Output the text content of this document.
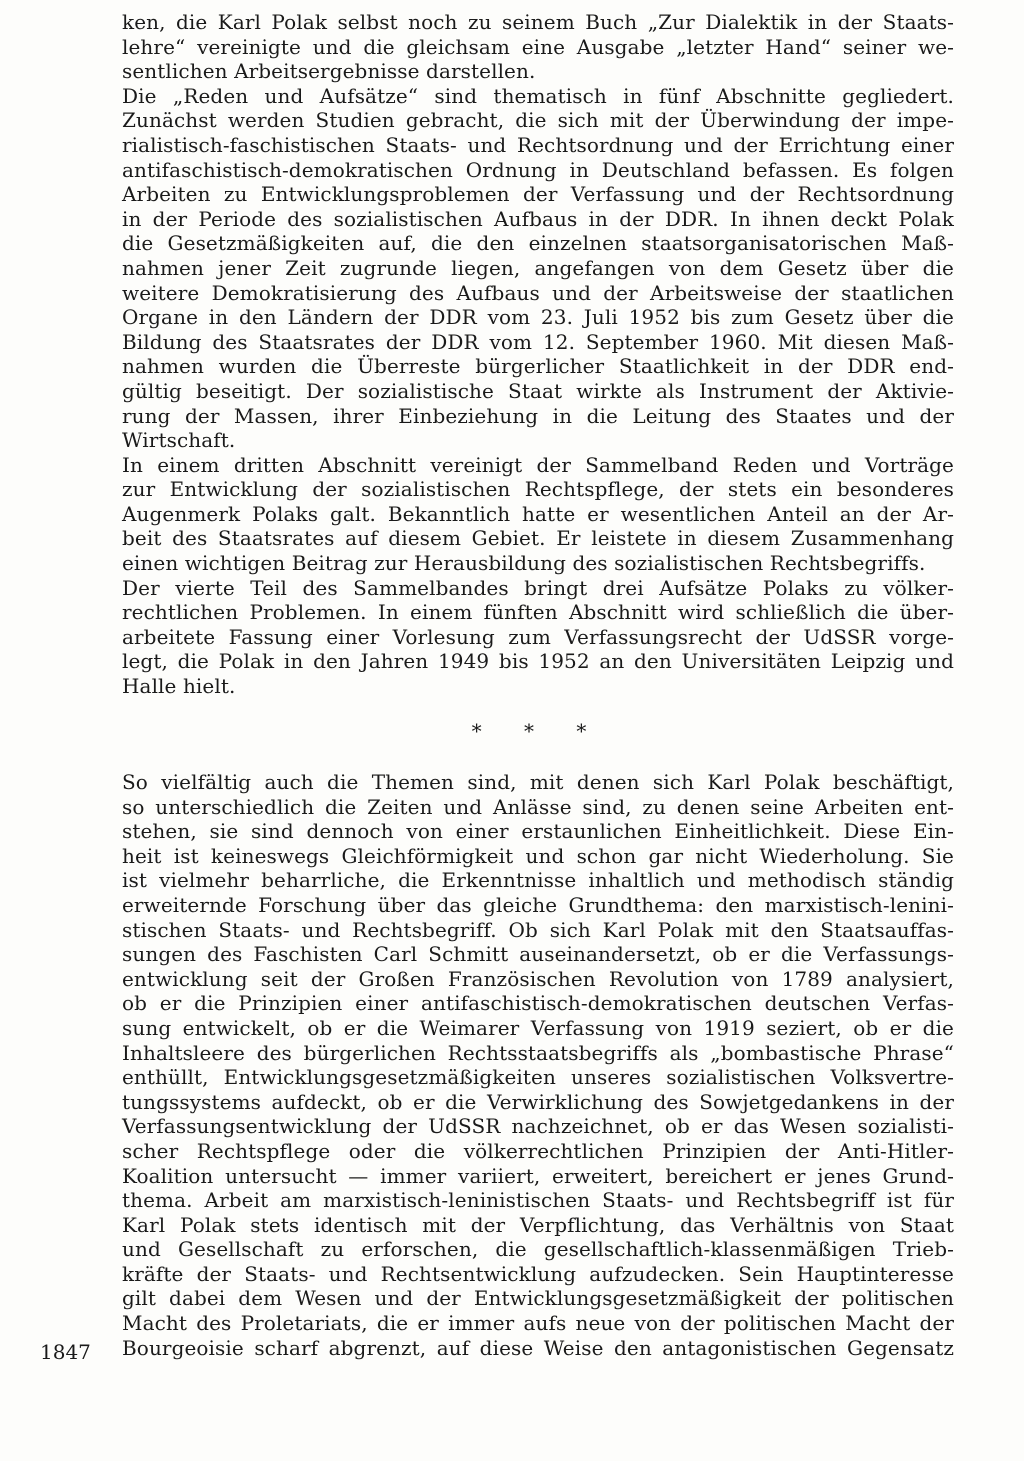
ken, die Karl Polak selbst noch zu seinem Buch „Zur Dialektik in der Staats-
lehre“ vereinigte und die gleichsam eine Ausgabe „letzter Hand“ seiner we-
sentlichen Arbeitsergebnisse darstellen.
Die „Reden und Aufsätze“ sind thematisch in fünf Abschnitte gegliedert.
Zunächst werden Studien gebracht, die sich mit der Überwindung der impe-
rialistisch-faschistischen Staats- und Rechtsordnung und der Errichtung einer
antifaschistisch-demokratischen Ordnung in Deutschland befassen. Es folgen
Arbeiten zu Entwicklungsproblemen der Verfassung und der Rechtsordnung
in der Periode des sozialistischen Aufbaus in der DDR. In ihnen deckt Polak
die Gesetzmäßigkeiten auf, die den einzelnen staatsorganisatorischen Maß-
nahmen jener Zeit zugrunde liegen, angefangen von dem Gesetz über die
weitere Demokratisierung des Aufbaus und der Arbeitsweise der staatlichen
Organe in den Ländern der DDR vom 23. Juli 1952 bis zum Gesetz über die
Bildung des Staatsrates der DDR vom 12. September 1960. Mit diesen Maß-
nahmen wurden die Überreste bürgerlicher Staatlichkeit in der DDR end-
gültig beseitigt. Der sozialistische Staat wirkte als Instrument der Aktivie-
rung der Massen, ihrer Einbeziehung in die Leitung des Staates und der
Wirtschaft.
In einem dritten Abschnitt vereinigt der Sammelband Reden und Vorträge
zur Entwicklung der sozialistischen Rechtspflege, der stets ein besonderes
Augenmerk Polaks galt. Bekanntlich hatte er wesentlichen Anteil an der Ar-
beit des Staatsrates auf diesem Gebiet. Er leistete in diesem Zusammenhang
einen wichtigen Beitrag zur Herausbildung des sozialistischen Rechtsbegriffs.
Der vierte Teil des Sammelbandes bringt drei Aufsätze Polaks zu völker-
rechtlichen Problemen. In einem fünften Abschnitt wird schließlich die über-
arbeitete Fassung einer Vorlesung zum Verfassungsrecht der UdSSR vorge-
legt, die Polak in den Jahren 1949 bis 1952 an den Universitäten Leipzig und
Halle hielt.
* * *
So vielfältig auch die Themen sind, mit denen sich Karl Polak beschäftigt,
so unterschiedlich die Zeiten und Anlässe sind, zu denen seine Arbeiten ent-
stehen, sie sind dennoch von einer erstaunlichen Einheitlichkeit. Diese Ein-
heit ist keineswegs Gleichförmigkeit und schon gar nicht Wiederholung. Sie
ist vielmehr beharrliche, die Erkenntnisse inhaltlich und methodisch ständig
erweiternde Forschung über das gleiche Grundthema: den marxistisch-lenini-
stischen Staats- und Rechtsbegriff. Ob sich Karl Polak mit den Staatsauffas-
sungen des Faschisten Carl Schmitt auseinandersetzt, ob er die Verfassungs-
entwicklung seit der Großen Französischen Revolution von 1789 analysiert,
ob er die Prinzipien einer antifaschistisch-demokratischen deutschen Verfas-
sung entwickelt, ob er die Weimarer Verfassung von 1919 seziert, ob er die
Inhaltsleere des bürgerlichen Rechtsstaatsbegriffs als „bombastische Phrase“
enthüllt, Entwicklungsgesetzmäßigkeiten unseres sozialistischen Volksvertre-
tungssystems aufdeckt, ob er die Verwirklichung des Sowjetgedankens in der
Verfassungsentwicklung der UdSSR nachzeichnet, ob er das Wesen sozialisti-
scher Rechtspflege oder die völkerrechtlichen Prinzipien der Anti-Hitler-
Koalition untersucht — immer variiert, erweitert, bereichert er jenes Grund-
thema. Arbeit am marxistisch-leninistischen Staats- und Rechtsbegriff ist für
Karl Polak stets identisch mit der Verpflichtung, das Verhältnis von Staat
und Gesellschaft zu erforschen, die gesellschaftlich-klassenmäßigen Trieb-
kräfte der Staats- und Rechtsentwicklung aufzudecken. Sein Hauptinteresse
gilt dabei dem Wesen und der Entwicklungsgesetzmäßigkeit der politischen
Macht des Proletariats, die er immer aufs neue von der politischen Macht der
Bourgeoisie scharf abgrenzt, auf diese Weise den antagonistischen Gegensatz
1847
